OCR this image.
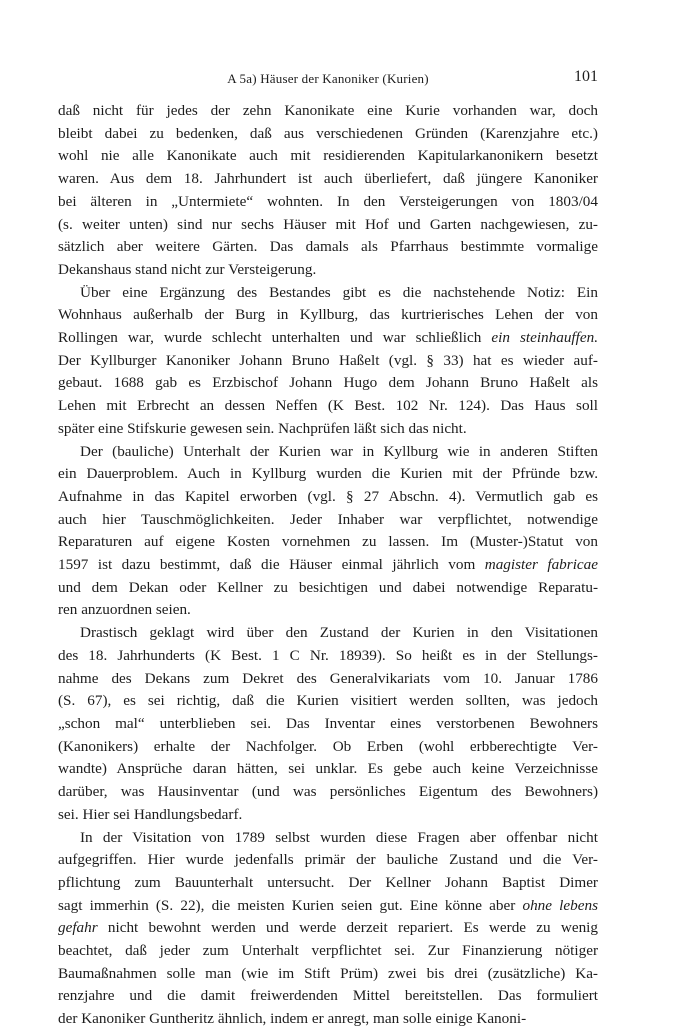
A 5a) Häuser der Kanoniker (Kurien)	101
daß nicht für jedes der zehn Kanonikate eine Kurie vorhanden war, doch
bleibt dabei zu bedenken, daß aus verschiedenen Gründen (Karenzjahre etc.)
wohl nie alle Kanonikate auch mit residierenden Kapitularkanonikern besetzt
waren. Aus dem 18. Jahrhundert ist auch überliefert, daß jüngere Kanoniker
bei älteren in „Untermiete“ wohnten. In den Versteigerungen von 1803/04
(s. weiter unten) sind nur sechs Häuser mit Hof und Garten nachgewiesen, zu-
sätzlich aber weitere Gärten. Das damals als Pfarrhaus bestimmte vormalige
Dekanshaus stand nicht zur Versteigerung.
Über eine Ergänzung des Bestandes gibt es die nachstehende Notiz: Ein
Wohnhaus außerhalb der Burg in Kyllburg, das kurtrierisches Lehen der von
Rollingen war, wurde schlecht unterhalten und war schließlich ein steinhauffen.
Der Kyllburger Kanoniker Johann Bruno Haßelt (vgl. § 33) hat es wieder auf-
gebaut. 1688 gab es Erzbischof Johann Hugo dem Johann Bruno Haßelt als
Lehen mit Erbrecht an dessen Neffen (K Best. 102 Nr. 124). Das Haus soll
später eine Stifskurie gewesen sein. Nachprüfen läßt sich das nicht.
Der (bauliche) Unterhalt der Kurien war in Kyllburg wie in anderen Stiften
ein Dauerproblem. Auch in Kyllburg wurden die Kurien mit der Pfründe bzw.
Aufnahme in das Kapitel erworben (vgl. § 27 Abschn. 4). Vermutlich gab es
auch hier Tauschmöglichkeiten. Jeder Inhaber war verpflichtet, notwendige
Reparaturen auf eigene Kosten vornehmen zu lassen. Im (Muster-)Statut von
1597 ist dazu bestimmt, daß die Häuser einmal jährlich vom magister fabricae
und dem Dekan oder Kellner zu besichtigen und dabei notwendige Reparatu-
ren anzuordnen seien.
Drastisch geklagt wird über den Zustand der Kurien in den Visitationen
des 18. Jahrhunderts (K Best. 1 C Nr. 18939). So heißt es in der Stellungs-
nahme des Dekans zum Dekret des Generalvikariats vom 10. Januar 1786
(S. 67), es sei richtig, daß die Kurien visitiert werden sollten, was jedoch
„schon mal“ unterblieben sei. Das Inventar eines verstorbenen Bewohners
(Kanonikers) erhalte der Nachfolger. Ob Erben (wohl erbberechtigte Ver-
wandte) Ansprüche daran hätten, sei unklar. Es gebe auch keine Verzeichnisse
darüber, was Hausinventar (und was persönliches Eigentum des Bewohners)
sei. Hier sei Handlungsbedarf.
In der Visitation von 1789 selbst wurden diese Fragen aber offenbar nicht
aufgegriffen. Hier wurde jedenfalls primär der bauliche Zustand und die Ver-
pflichtung zum Bauunterhalt untersucht. Der Kellner Johann Baptist Dimer
sagt immerhin (S. 22), die meisten Kurien seien gut. Eine könne aber ohne lebens
gefahr nicht bewohnt werden und werde derzeit repariert. Es werde zu wenig
beachtet, daß jeder zum Unterhalt verpflichtet sei. Zur Finanzierung nötiger
Baumaßnahmen solle man (wie im Stift Prüm) zwei bis drei (zusätzliche) Ka-
renzjahre und die damit freiwerdenden Mittel bereitstellen. Das formuliert
der Kanoniker Guntheritz ähnlich, indem er anregt, man solle einige Kanoni-
